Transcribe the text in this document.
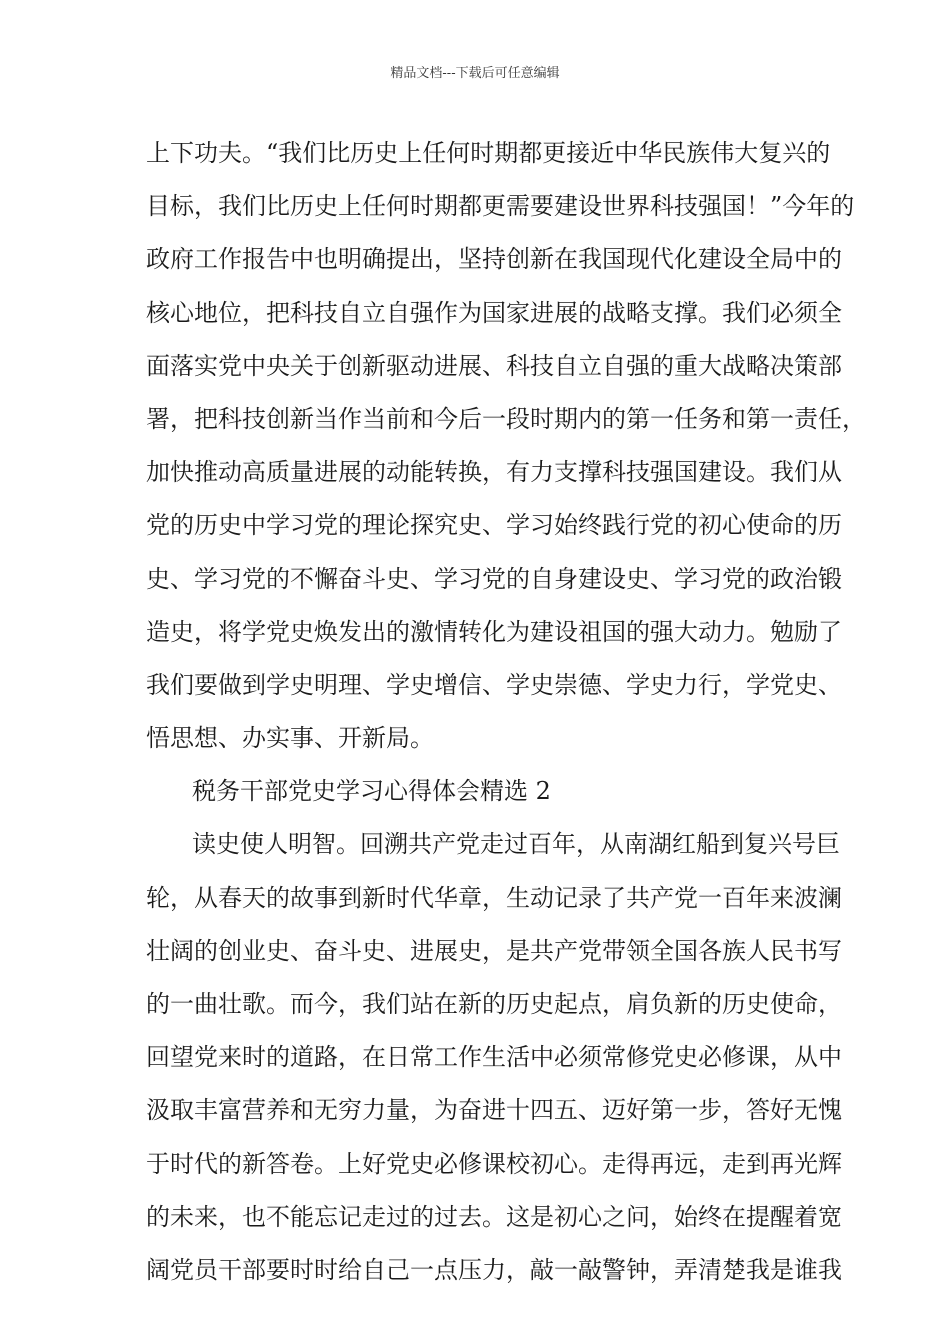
精品文档---下载后可任意编辑
上下功夫。“我们比历史上任何时期都更接近中华民族伟大复兴的
目标，我们比历史上任何时期都更需要建设世界科技强国！”今年的
政府工作报告中也明确提出，坚持创新在我国现代化建设全局中的
核心地位，把科技自立自强作为国家进展的战略支撑。我们必须全
面落实党中央关于创新驱动进展、科技自立自强的重大战略决策部
署，把科技创新当作当前和今后一段时期内的第一任务和第一责任，
加快推动高质量进展的动能转换，有力支撑科技强国建设。我们从
党的历史中学习党的理论探究史、学习始终践行党的初心使命的历
史、学习党的不懈奋斗史、学习党的自身建设史、学习党的政治锻
造史，将学党史焕发出的激情转化为建设祖国的强大动力。勉励了
我们要做到学史明理、学史增信、学史崇德、学史力行，学党史、
悟思想、办实事、开新局。
税务干部党史学习心得体会精选 2
读史使人明智。回溯共产党走过百年，从南湖红船到复兴号巨
轮，从春天的故事到新时代华章，生动记录了共产党一百年来波澜
壮阔的创业史、奋斗史、进展史，是共产党带领全国各族人民书写
的一曲壮歌。而今，我们站在新的历史起点，肩负新的历史使命，
回望党来时的道路，在日常工作生活中必须常修党史必修课，从中
汲取丰富营养和无穷力量，为奋进十四五、迈好第一步，答好无愧
于时代的新答卷。上好党史必修课校初心。走得再远，走到再光辉
的未来，也不能忘记走过的过去。这是初心之问，始终在提醒着宽
阔党员干部要时时给自己一点压力，敲一敲警钟，弄清楚我是谁我
